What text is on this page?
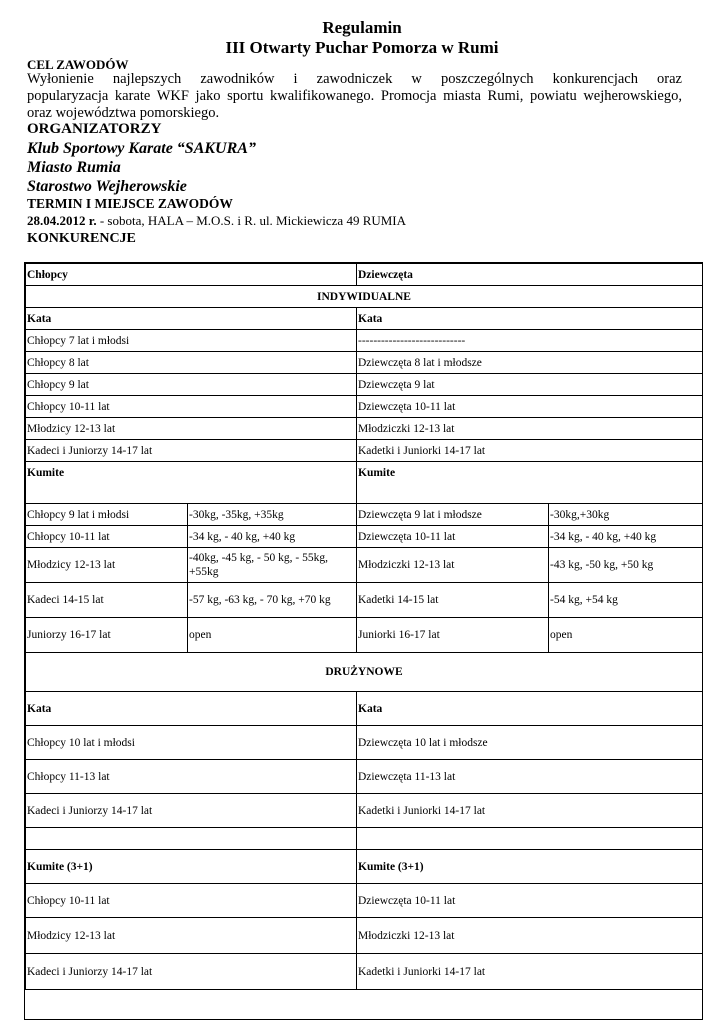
Regulamin
III Otwarty Puchar Pomorza w Rumi
CEL ZAWODÓW
Wyłonienie najlepszych zawodników i zawodniczek w poszczególnych konkurencjach oraz
popularyzacja karate WKF jako sportu kwalifikowanego. Promocja miasta Rumi, powiatu wejherowskiego,
oraz województwa pomorskiego.
ORGANIZATORZY
Klub Sportowy Karate “SAKURA”
Miasto Rumia
Starostwo Wejherowskie
TERMIN I MIEJSCE ZAWODÓW
28.04.2012 r. - sobota, HALA – M.O.S. i R. ul. Mickiewicza 49 RUMIA
KONKURENCJE
Chłopcy		Dziewczęta	
INDYWIDUALNE			
Kata		Kata	
Chłopcy 7 lat i młodsi		----------------------------	
Chłopcy 8 lat		Dziewczęta 8 lat i młodsze	
Chłopcy 9 lat		Dziewczęta 9 lat	
Chłopcy 10-11 lat		Dziewczęta 10-11 lat	
Młodzicy 12-13 lat		Młodziczki 12-13 lat	
Kadeci i Juniorzy 14-17 lat		Kadetki i Juniorki 14-17 lat	
Kumite		Kumite	
Chłopcy 9 lat i młodsi	-30kg, -35kg, +35kg	Dziewczęta 9 lat i młodsze	-30kg,+30kg
Chłopcy 10-11 lat	-34 kg, - 40 kg, +40 kg	Dziewczęta 10-11 lat	-34 kg, - 40 kg, +40 kg
Młodzicy 12-13 lat	-40kg, -45 kg, - 50 kg, - 55kg, +55kg	Młodziczki 12-13 lat	-43 kg, -50 kg, +50 kg
Kadeci 14-15 lat	-57 kg, -63 kg, - 70 kg, +70 kg	Kadetki 14-15 lat	-54 kg, +54 kg
Juniorzy 16-17 lat	open	Juniorki 16-17 lat	open
DRUŻYNOWE			
Kata		Kata	
Chłopcy 10 lat i młodsi		Dziewczęta 10 lat i młodsze	
Chłopcy 11-13 lat		Dziewczęta 11-13 lat	
Kadeci i Juniorzy 14-17 lat		Kadetki i Juniorki 14-17 lat	

Kumite (3+1)		Kumite (3+1)	
Chłopcy 10-11 lat		Dziewczęta 10-11 lat	
Młodzicy 12-13 lat		Młodziczki 12-13 lat	
Kadeci i Juniorzy 14-17 lat		Kadetki i Juniorki 14-17 lat	
